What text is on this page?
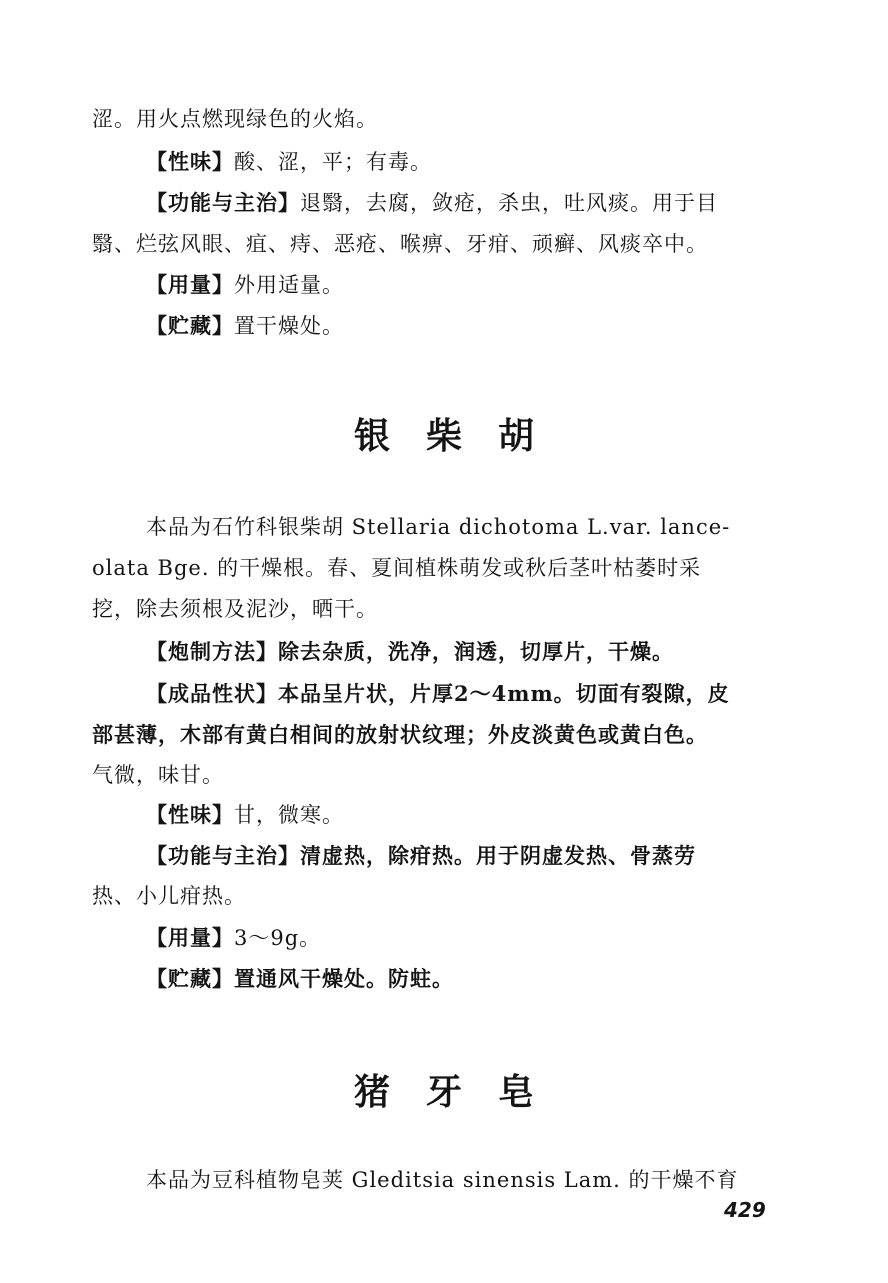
涩。用火点燃现绿色的火焰。
【性味】酸、涩，平；有毒。
【功能与主治】退翳，去腐，敛疮，杀虫，吐风痰。用于目
翳、烂弦风眼、疽、痔、恶疮、喉痹、牙疳、顽癣、风痰卒中。
【用量】外用适量。
【贮藏】置干燥处。
银柴胡
本品为石竹科银柴胡 Stellaria dichotoma L.var. lance-
olata Bge. 的干燥根。春、夏间植株萌发或秋后茎叶枯萎时采
挖，除去须根及泥沙，晒干。
【炮制方法】除去杂质，洗净，润透，切厚片，干燥。
【成品性状】本品呈片状，片厚2～4mm。切面有裂隙，皮
部甚薄，木部有黄白相间的放射状纹理；外皮淡黄色或黄白色。
气微，味甘。
【性味】甘，微寒。
【功能与主治】清虚热，除疳热。用于阴虚发热、骨蒸劳
热、小儿疳热。
【用量】3～9g。
【贮藏】置通风干燥处。防蛀。
猪牙皂
本品为豆科植物皂荚 Gleditsia sinensis Lam. 的干燥不育
429
